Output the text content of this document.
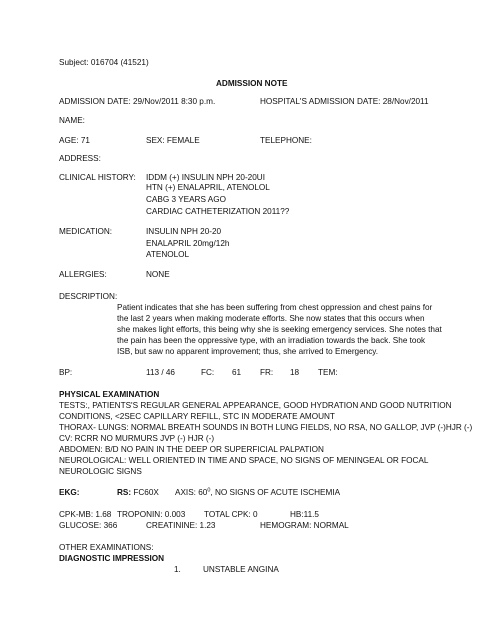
Subject: 016704 (41521)
ADMISSION NOTE
ADMISSION DATE: 29/Nov/2011 8:30 p.m.	HOSPITAL'S ADMISSION DATE: 28/Nov/2011
NAME:
AGE: 71	SEX: FEMALE	TELEPHONE:
ADDRESS:
CLINICAL HISTORY: IDDM (+) INSULIN NPH 20-20UI
HTN (+) ENALAPRIL, ATENOLOL
CABG 3 YEARS AGO
CARDIAC CATHETERIZATION 2011??
MEDICATION:	INSULIN NPH 20-20
ENALAPRIL 20mg/12h
ATENOLOL
ALLERGIES:	NONE
DESCRIPTION:
Patient indicates that she has been suffering from chest oppression and chest pains for
the last 2 years when making moderate efforts. She now states that this occurs when
she makes light efforts, this being why she is seeking emergency services. She notes that
the pain has been the oppressive type, with an irradiation towards the back. She took
ISB, but saw no apparent improvement; thus, she arrived to Emergency.
BP:	113 / 46	FC: 61 FR: 18 TEM:
PHYSICAL EXAMINATION
TESTS:, PATIENTS'S REGULAR GENERAL APPEARANCE, GOOD HYDRATION AND GOOD NUTRITION
CONDITIONS, <2SEC CAPILLARY REFILL, STC IN MODERATE AMOUNT
THORAX- LUNGS: NORMAL BREATH SOUNDS IN BOTH LUNG FIELDS, NO RSA, NO GALLOP, JVP (-)HJR (-)
CV: RCRR NO MURMURS JVP (-) HJR (-)
ABDOMEN: B/D NO PAIN IN THE DEEP OR SUPERFICIAL PALPATION
NEUROLOGICAL: WELL ORIENTED IN TIME AND SPACE, NO SIGNS OF MENINGEAL OR FOCAL
NEUROLOGIC SIGNS
EKG:	RS: FC60X AXIS: $60^0$, NO SIGNS OF ACUTE ISCHEMIA
CPK-MB: 1.68 TROPONIN: 0.003 TOTAL CPK: 0	HB:11.5
GLUCOSE: 366	CREATININE: 1.23	HEMOGRAM: NORMAL
OTHER EXAMINATIONS:
DIAGNOSTIC IMPRESSION
1.	UNSTABLE ANGINA
